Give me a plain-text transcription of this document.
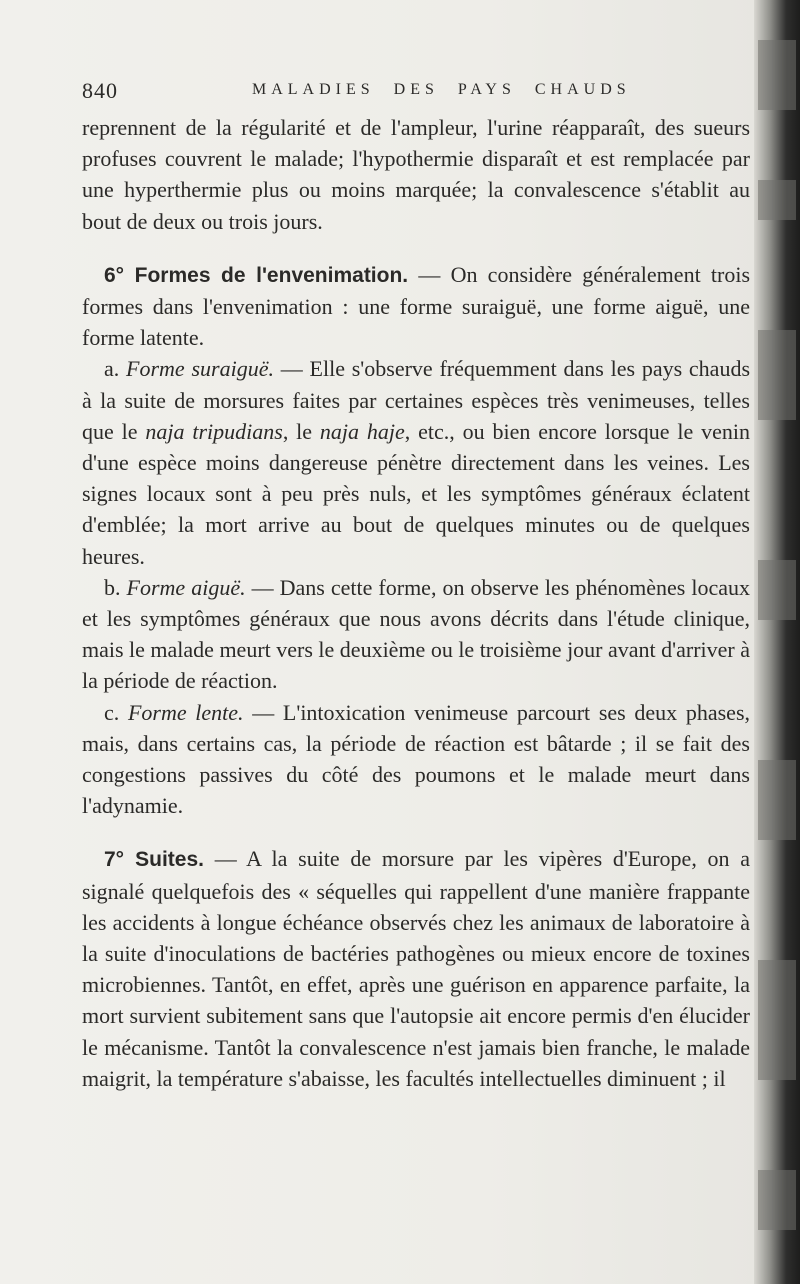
840	MALADIES DES PAYS CHAUDS

reprennent de la régularité et de l'ampleur, l'urine réapparaît, des sueurs profuses couvrent le malade; l'hypothermie disparaît et est remplacée par une hyperthermie plus ou moins marquée; la convalescence s'établit au bout de deux ou trois jours.

 6° Formes de l'envenimation. — On considère généralement trois formes dans l'envenimation : une forme suraiguë, une forme aiguë, une forme latente.

 a. Forme suraiguë. — Elle s'observe fréquemment dans les pays chauds à la suite de morsures faites par certaines espèces très venimeuses, telles que le naja tripudians, le naja haje, etc., ou bien encore lorsque le venin d'une espèce moins dangereuse pénètre directement dans les veines. Les signes locaux sont à peu près nuls, et les symptômes généraux éclatent d'emblée; la mort arrive au bout de quelques minutes ou de quelques heures.

 b. Forme aiguë. — Dans cette forme, on observe les phénomènes locaux et les symptômes généraux que nous avons décrits dans l'étude clinique, mais le malade meurt vers le deuxième ou le troisième jour avant d'arriver à la période de réaction.

 c. Forme lente. — L'intoxication venimeuse parcourt ses deux phases, mais, dans certains cas, la période de réaction est bâtarde ; il se fait des congestions passives du côté des poumons et le malade meurt dans l'adynamie.

 7° Suites. — A la suite de morsure par les vipères d'Europe, on a signalé quelquefois des « séquelles qui rappellent d'une manière frappante les accidents à longue échéance observés chez les animaux de laboratoire à la suite d'inoculations de bactéries pathogènes ou mieux encore de toxines microbiennes. Tantôt, en effet, après une guérison en apparence parfaite, la mort survient subitement sans que l'autopsie ait encore permis d'en élucider le mécanisme. Tantôt la convalescence n'est jamais bien franche, le malade maigrit, la température s'abaisse, les facultés intellectuelles diminuent ; il
